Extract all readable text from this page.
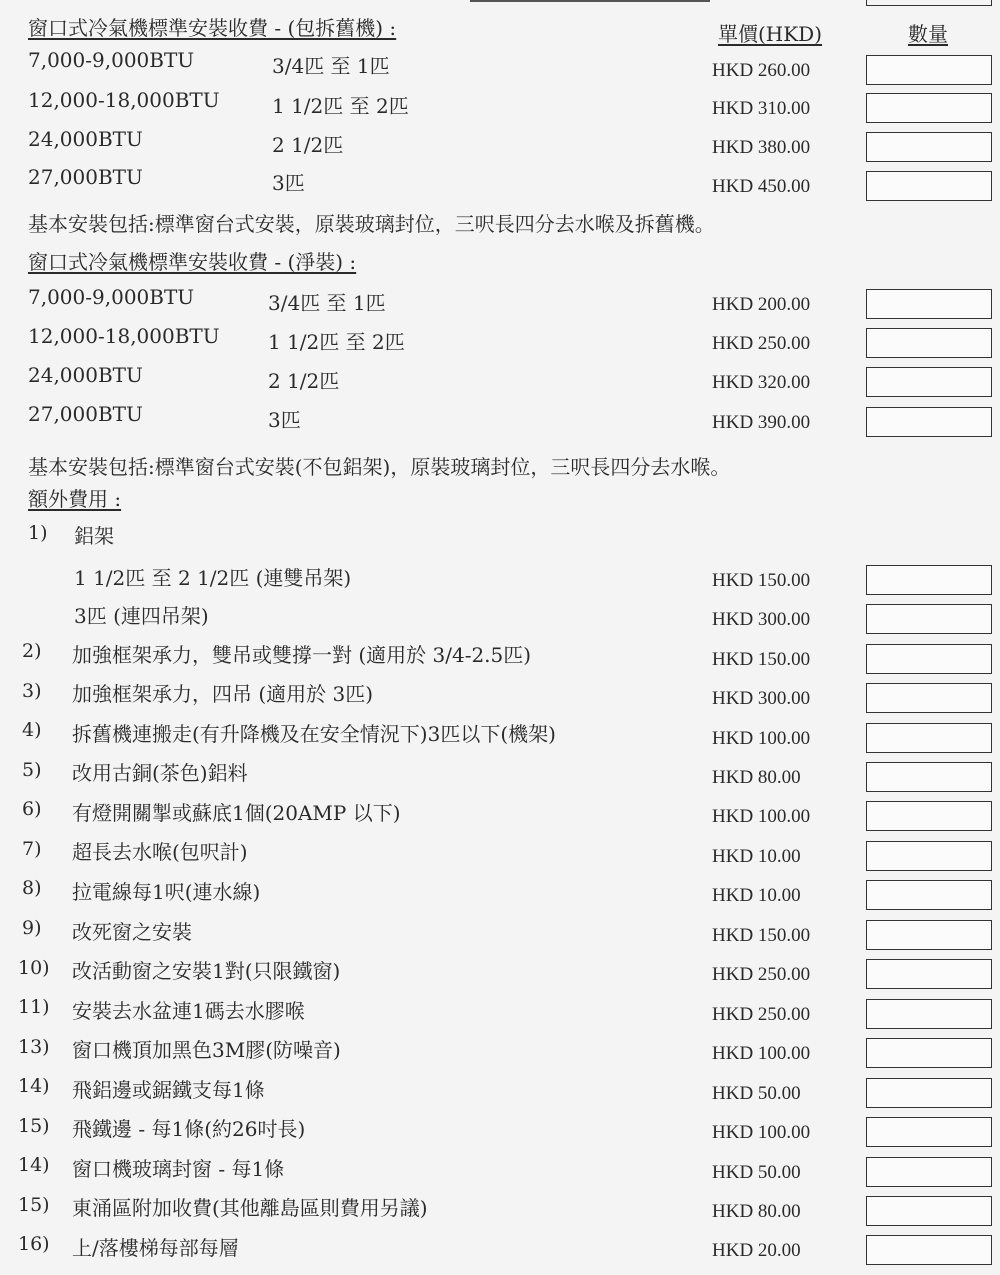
窗口式冷氣機標準安裝收費 - (包拆舊機) :	單價(HKD)	數量
7,000-9,000BTU	3/4匹 至 1匹	HKD 260.00
12,000-18,000BTU	1 1/2匹 至 2匹	HKD 310.00
24,000BTU	2 1/2匹	HKD 380.00
27,000BTU	3匹	HKD 450.00
基本安裝包括:標準窗台式安裝，原裝玻璃封位，三呎長四分去水喉及拆舊機。
窗口式冷氣機標準安裝收費 - (淨裝) :
7,000-9,000BTU	3/4匹 至 1匹	HKD 200.00
12,000-18,000BTU 1 1/2匹 至 2匹	HKD 250.00
24,000BTU	2 1/2匹	HKD 320.00
27,000BTU	3匹	HKD 390.00
基本安裝包括:標準窗台式安裝(不包鋁架)，原裝玻璃封位，三呎長四分去水喉。
額外費用 :
1) 鋁架
1 1/2匹 至 2 1/2匹 (連雙吊架)	HKD 150.00
3匹 (連四吊架)	HKD 300.00
2) 加強框架承力，雙吊或雙撐一對 (適用於 3/4-2.5匹)	HKD 150.00
3) 加強框架承力，四吊 (適用於 3匹)	HKD 300.00
4) 拆舊機連搬走(有升降機及在安全情況下)3匹以下(機架)	HKD 100.00
5) 改用古銅(茶色)鋁料	HKD 80.00
6) 有燈開關掣或蘇底1個(20AMP 以下)	HKD 100.00
7) 超長去水喉(包呎計)	HKD 10.00
8) 拉電線每1呎(連水線)	HKD 10.00
9) 改死窗之安裝	HKD 150.00
10) 改活動窗之安裝1對(只限鐵窗)	HKD 250.00
11) 安裝去水盆連1碼去水膠喉	HKD 250.00
13) 窗口機頂加黑色3M膠(防噪音)	HKD 100.00
14) 飛鋁邊或鋸鐵支每1條	HKD 50.00
15) 飛鐵邊 - 每1條(約26吋長)	HKD 100.00
14) 窗口機玻璃封窗 - 每1條	HKD 50.00
15) 東涌區附加收費(其他離島區則費用另議)	HKD 80.00
16) 上/落樓梯每部每層	HKD 20.00
